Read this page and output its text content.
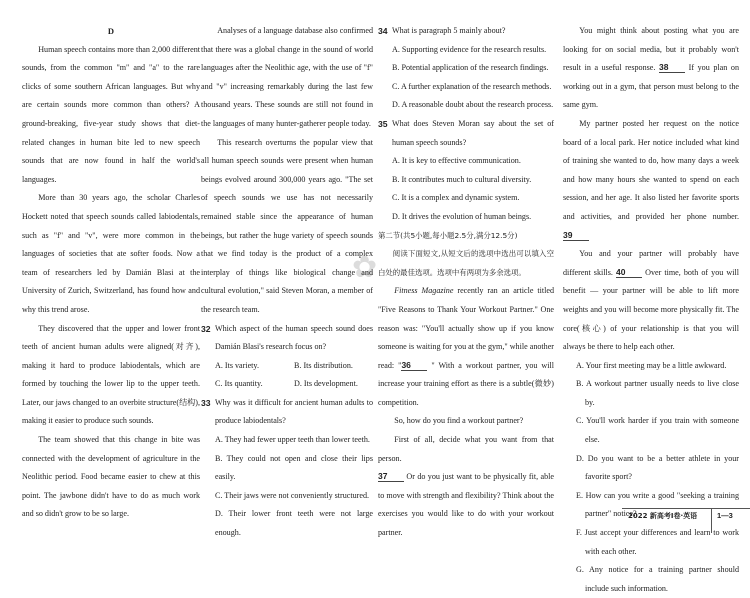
✿

D

Human speech contains more than 2,000 different sounds, from the common "m" and "a" to the rare clicks of some southern African languages. But why are certain sounds more common than others? A ground-breaking, five-year study shows that diet-related changes in human bite led to new speech sounds that are now found in half the world's languages.

More than 30 years ago, the scholar Charles Hockett noted that speech sounds called labiodentals, such as "f" and "v", were more common in the languages of societies that ate softer foods. Now a team of researchers led by Damián Blasi at the University of Zurich, Switzerland, has found how and why this trend arose.

They discovered that the upper and lower front teeth of ancient human adults were aligned(对齐), making it hard to produce labiodentals, which are formed by touching the lower lip to the upper teeth. Later, our jaws changed to an overbite structure(结构), making it easier to produce such sounds.

The team showed that this change in bite was connected with the development of agriculture in the Neolithic period. Food became easier to chew at this point. The jawbone didn't have to do as much work and so didn't grow to be so large.

Analyses of a language database also confirmed that there was a global change in the sound of world languages after the Neolithic age, with the use of "f" and "v" increasing remarkably during the last few thousand years. These sounds are still not found in the languages of many hunter-gatherer people today.

This research overturns the popular view that all human speech sounds were present when human beings evolved around 300,000 years ago. "The set of speech sounds we use has not necessarily remained stable since the appearance of human beings, but rather the huge variety of speech sounds that we find today is the product of a complex interplay of things like biological change and cultural evolution," said Steven Moran, a member of the research team.

32 Which aspect of the human speech sound does Damián Blasi's research focus on?
A. Its variety.	B. Its distribution.
C. Its quantity.	D. Its development.
33 Why was it difficult for ancient human adults to produce labiodentals?

A. They had fewer upper teeth than lower teeth.

B. They could not open and close their lips easily.

C. Their jaws were not conveniently structured.

D. Their lower front teeth were not large enough.

34 What is paragraph 5 mainly about?

A. Supporting evidence for the research results.

B. Potential application of the research findings.

C. A further explanation of the research methods.

D. A reasonable doubt about the research process.

35 What does Steven Moran say about the set of human speech sounds?

A. It is key to effective communication.

B. It contributes much to cultural diversity.

C. It is a complex and dynamic system.

D. It drives the evolution of human beings.

第二节(共5小题,每小题2.5分,满分12.5分)

阅读下面短文,从短文后的选项中选出可以填入空白处的最佳选项。选项中有两项为多余选项。

Fitness Magazine recently ran an article titled "Five Reasons to Thank Your Workout Partner." One reason was: "You'll actually show up if you know someone is waiting for you at the gym," while another read: "36 " With a workout partner, you will increase your training effort as there is a subtle(微妙) competition.

So, how do you find a workout partner?

First of all, decide what you want from that person.

37 Or do you just want to be physically fit, able to move with strength and flexibility? Think about the exercises you would like to do with your workout partner.

You might think about posting what you are looking for on social media, but it probably won't result in a useful response. 38 If you plan on working out in a gym, that person must belong to the same gym.

My partner posted her request on the notice board of a local park. Her notice included what kind of training she wanted to do, how many days a week and how many hours she wanted to spend on each session, and her age. It also listed her favorite sports and activities, and provided her phone number. 39

You and your partner will probably have different skills. 40 Over time, both of you will benefit — your partner will be able to lift more weights and you will become more physically fit. The core(核心) of your relationship is that you will always be there to help each other.

A. Your first meeting may be a little awkward.

B. A workout partner usually needs to live close by.

C. You'll work harder if you train with someone else.

D. Do you want to be a better athlete in your favorite sport?

E. How can you write a good "seeking a training partner" notice?

F. Just accept your differences and learn to work with each other.

G. Any notice for a training partner should include such information.

2022 新高考Ⅰ卷·英语	1—3
